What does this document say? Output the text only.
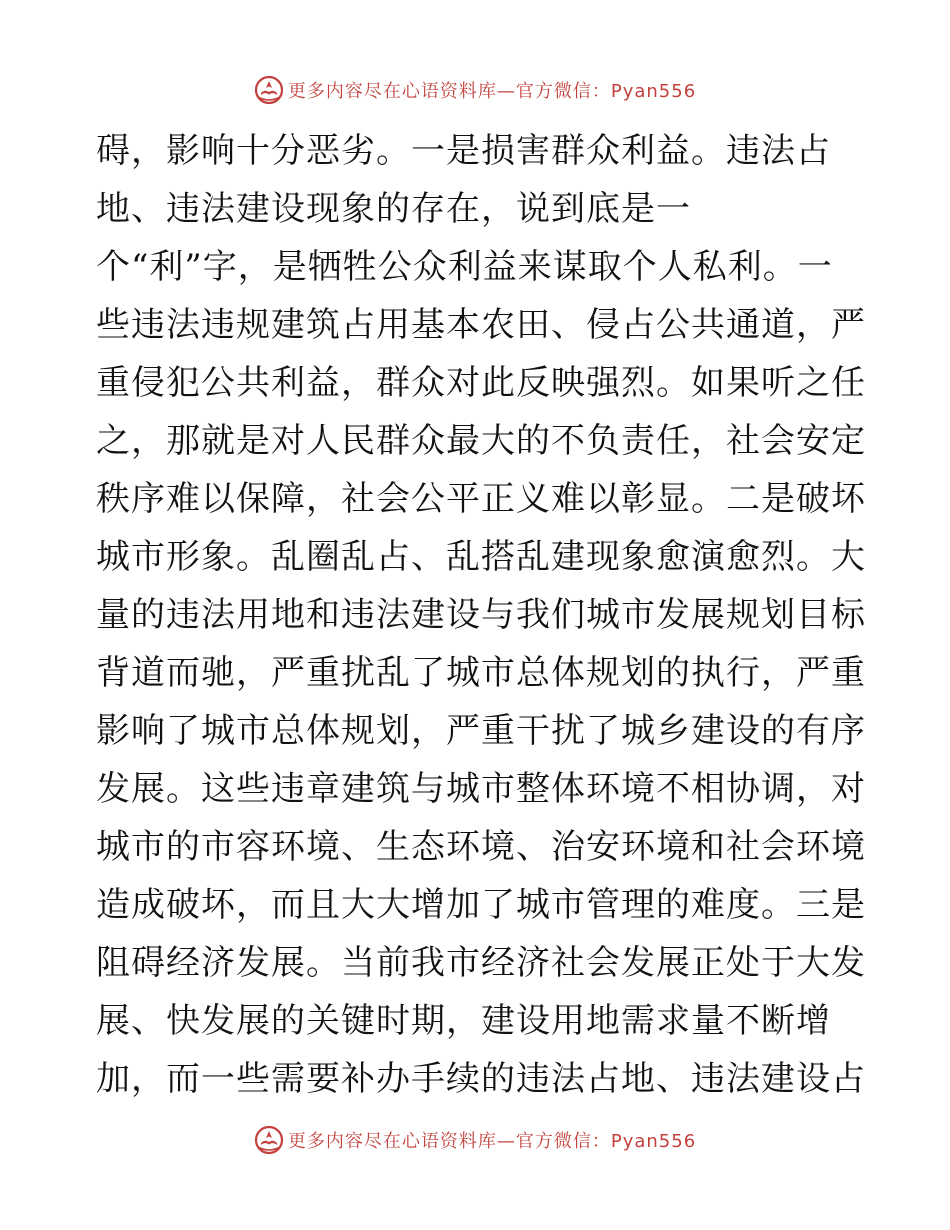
更多内容尽在心语资料库—官方微信：Pyan556
碍，影响十分恶劣。一是损害群众利益。违法占
地、违法建设现象的存在，说到底是一
个“利”字，是牺牲公众利益来谋取个人私利。一
些违法违规建筑占用基本农田、侵占公共通道，严
重侵犯公共利益，群众对此反映强烈。如果听之任
之，那就是对人民群众最大的不负责任，社会安定
秩序难以保障，社会公平正义难以彰显。二是破坏
城市形象。乱圈乱占、乱搭乱建现象愈演愈烈。大
量的违法用地和违法建设与我们城市发展规划目标
背道而驰，严重扰乱了城市总体规划的执行，严重
影响了城市总体规划，严重干扰了城乡建设的有序
发展。这些违章建筑与城市整体环境不相协调，对
城市的市容环境、生态环境、治安环境和社会环境
造成破坏，而且大大增加了城市管理的难度。三是
阻碍经济发展。当前我市经济社会发展正处于大发
展、快发展的关键时期，建设用地需求量不断增
加，而一些需要补办手续的违法占地、违法建设占
更多内容尽在心语资料库—官方微信：Pyan556
